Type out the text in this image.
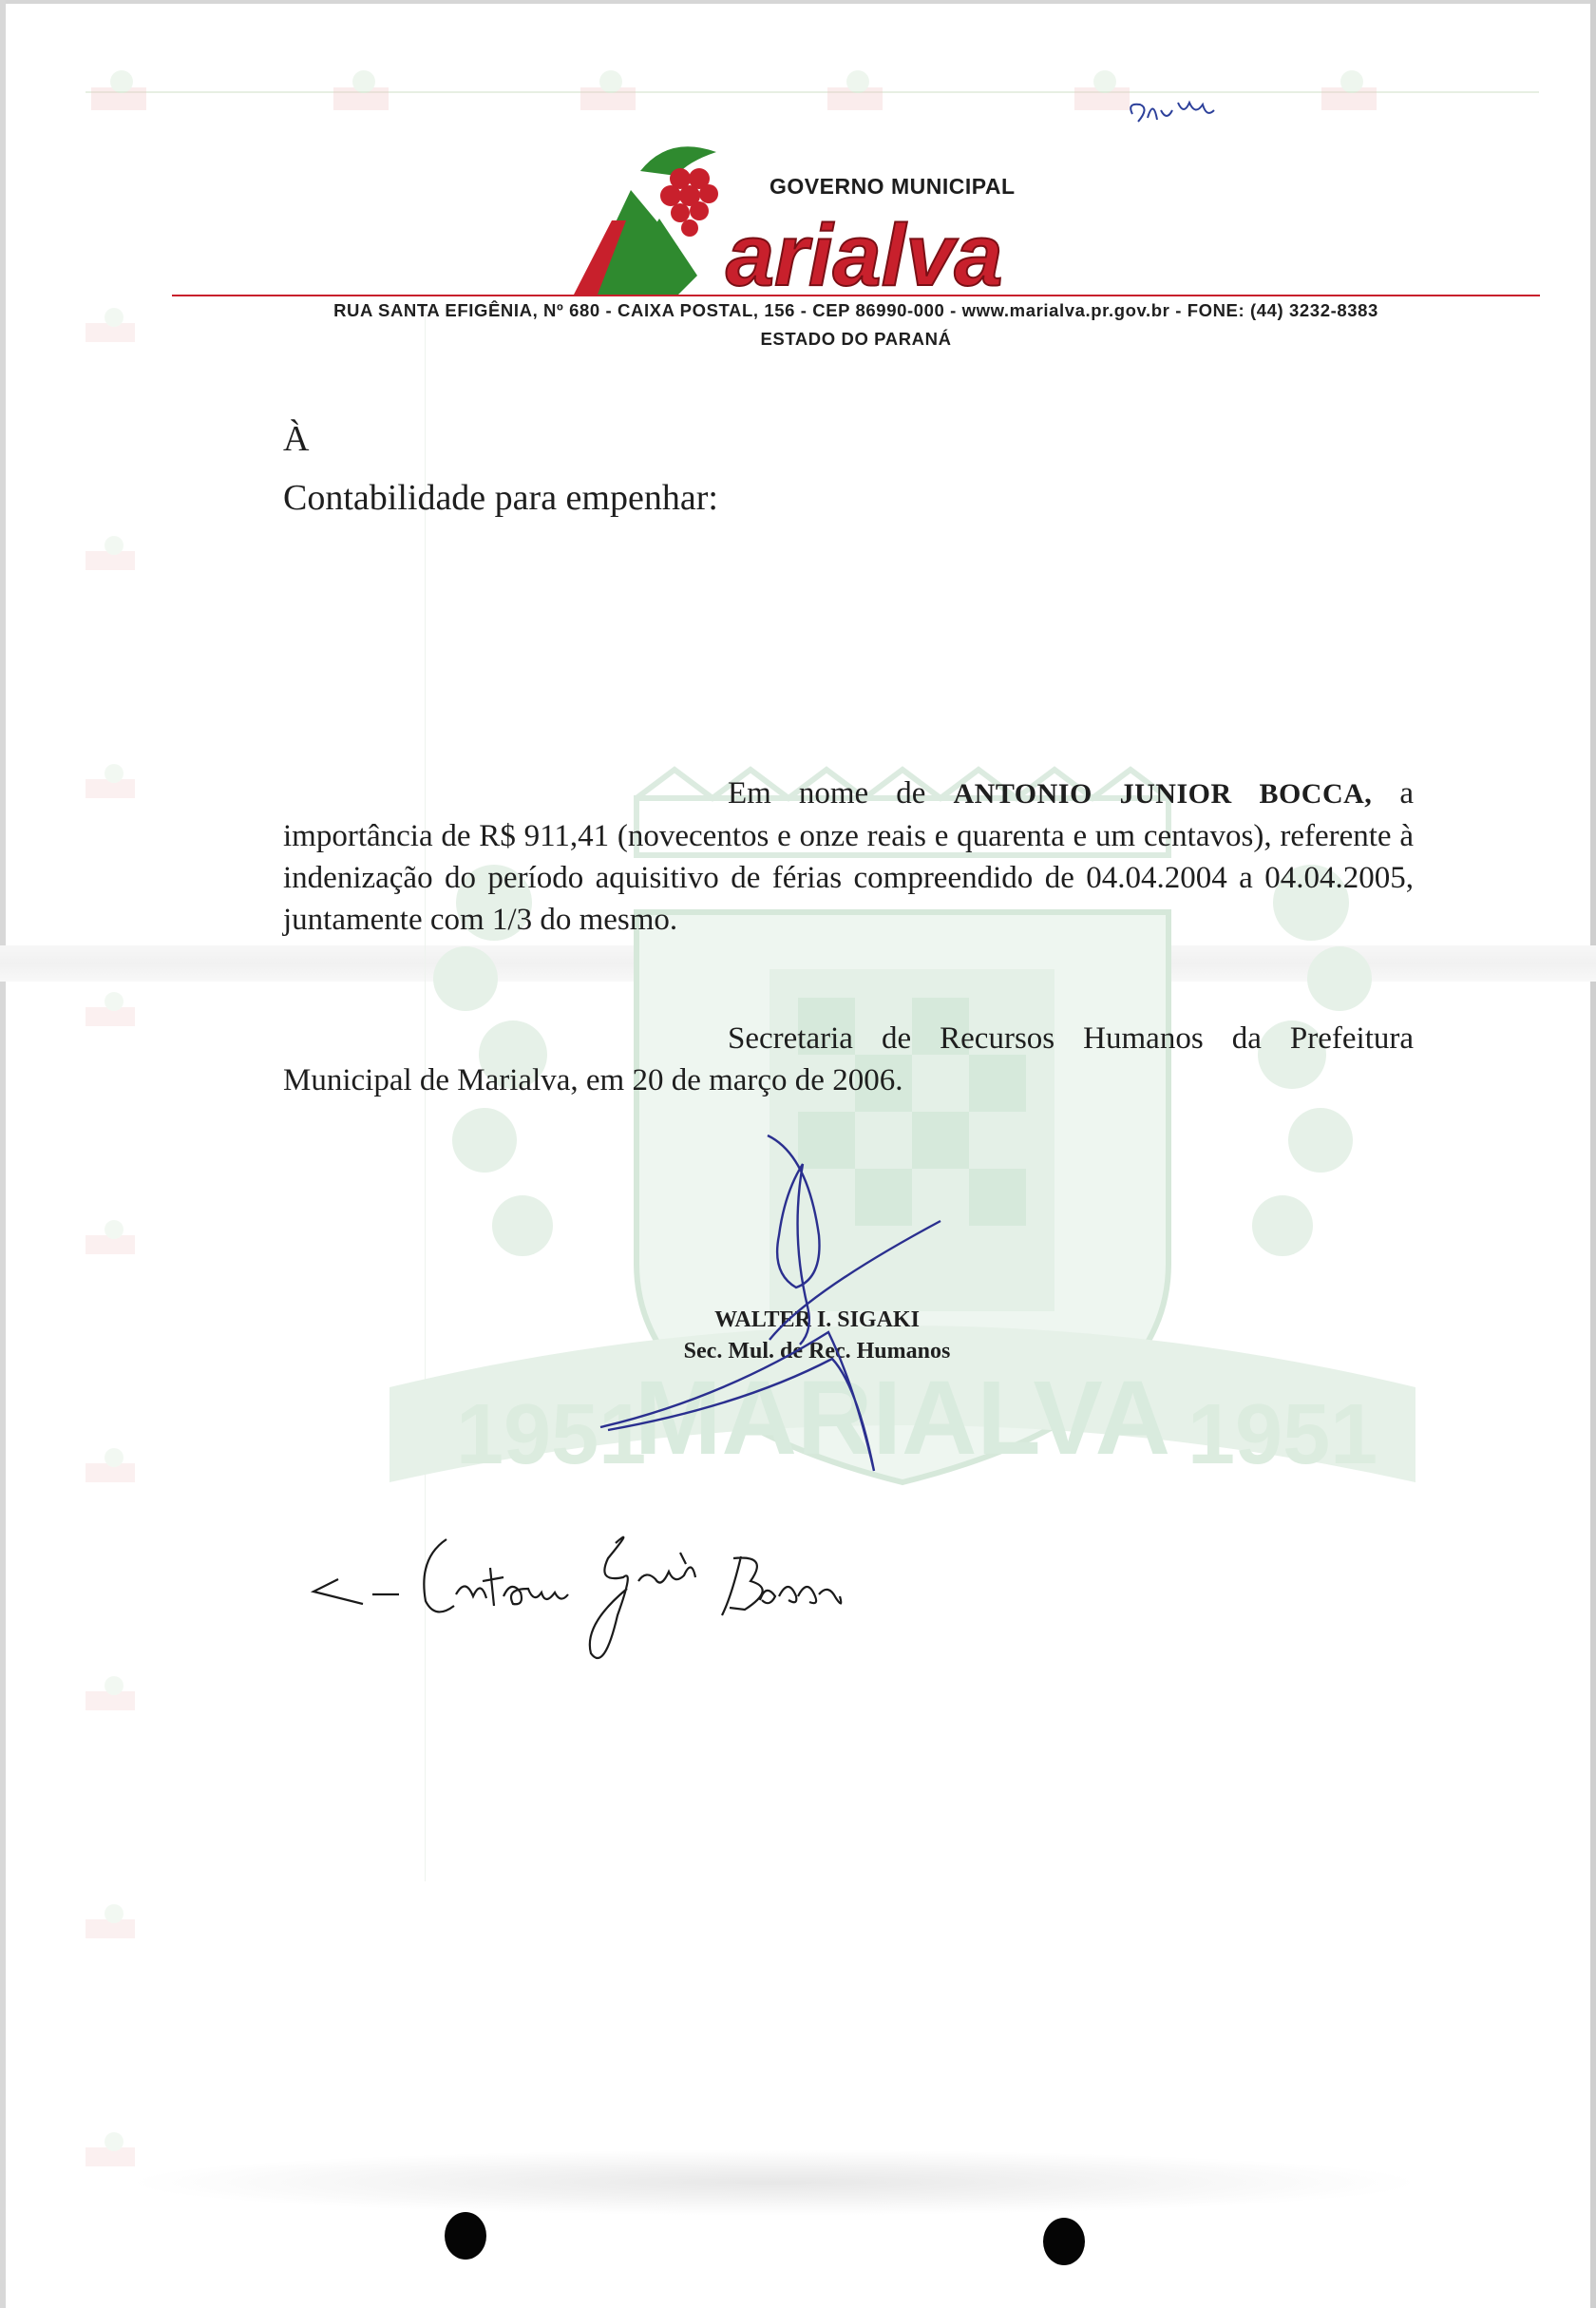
arialva
GOVERNO MUNICIPAL
RUA SANTA EFIGÊNIA, Nº 680 - CAIXA POSTAL, 156 - CEP 86990-000 - www.marialva.pr.gov.br - FONE: (44) 3232-8383
ESTADO DO PARANÁ
MARIALVA
1951	1951
À
Contabilidade para empenhar:
Em nome de ANTONIO JUNIOR BOCCA, a importância de R$ 911,41 (novecentos e onze reais e quarenta e um centavos), referente à indenização do período aquisitivo de férias compreendido de 04.04.2004 a 04.04.2005, juntamente com 1/3 do mesmo.
Secretaria de Recursos Humanos da Prefeitura Municipal de Marialva, em 20 de março de 2006.
WALTER I. SIGAKI
Sec. Mul. de Rec. Humanos
